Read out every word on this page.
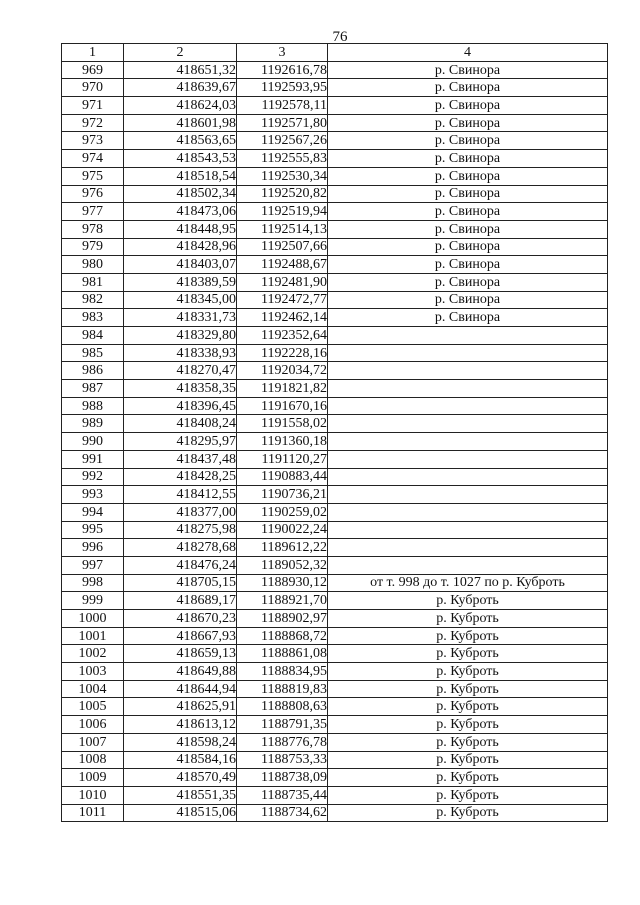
76
1	2	3	4
969	418651,32	1192616,78	р. Свинора
970	418639,67	1192593,95	р. Свинора
971	418624,03	1192578,11	р. Свинора
972	418601,98	1192571,80	р. Свинора
973	418563,65	1192567,26	р. Свинора
974	418543,53	1192555,83	р. Свинора
975	418518,54	1192530,34	р. Свинора
976	418502,34	1192520,82	р. Свинора
977	418473,06	1192519,94	р. Свинора
978	418448,95	1192514,13	р. Свинора
979	418428,96	1192507,66	р. Свинора
980	418403,07	1192488,67	р. Свинора
981	418389,59	1192481,90	р. Свинора
982	418345,00	1192472,77	р. Свинора
983	418331,73	1192462,14	р. Свинора
984	418329,80	1192352,64	
985	418338,93	1192228,16	
986	418270,47	1192034,72	
987	418358,35	1191821,82	
988	418396,45	1191670,16	
989	418408,24	1191558,02	
990	418295,97	1191360,18	
991	418437,48	1191120,27	
992	418428,25	1190883,44	
993	418412,55	1190736,21	
994	418377,00	1190259,02	
995	418275,98	1190022,24	
996	418278,68	1189612,22	
997	418476,24	1189052,32	
998	418705,15	1188930,12	от т. 998 до т. 1027 по р. Куброть
999	418689,17	1188921,70	р. Куброть
1000	418670,23	1188902,97	р. Куброть
1001	418667,93	1188868,72	р. Куброть
1002	418659,13	1188861,08	р. Куброть
1003	418649,88	1188834,95	р. Куброть
1004	418644,94	1188819,83	р. Куброть
1005	418625,91	1188808,63	р. Куброть
1006	418613,12	1188791,35	р. Куброть
1007	418598,24	1188776,78	р. Куброть
1008	418584,16	1188753,33	р. Куброть
1009	418570,49	1188738,09	р. Куброть
1010	418551,35	1188735,44	р. Куброть
1011	418515,06	1188734,62	р. Куброть
